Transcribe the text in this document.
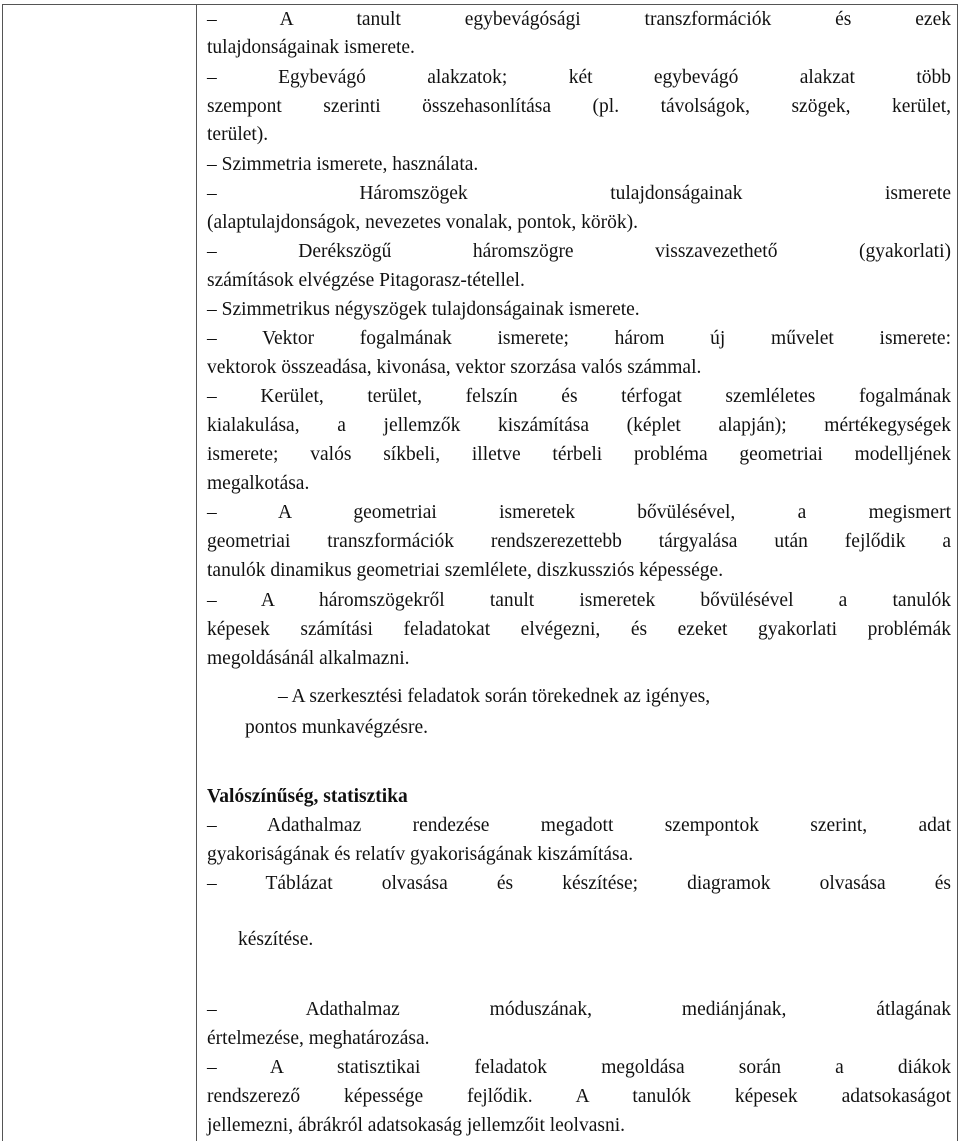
– A tanult egybevágósági transzformációk és ezek
tulajdonságainak ismerete.
– Egybevágó alakzatok; két egybevágó alakzat több
szempont szerinti összehasonlítása (pl. távolságok, szögek, kerület,
terület).
– Szimmetria ismerete, használata.
– Háromszögek tulajdonságainak ismerete
(alaptulajdonságok, nevezetes vonalak, pontok, körök).
– Derékszögű háromszögre visszavezethető (gyakorlati)
számítások elvégzése Pitagorasz-tétellel.
– Szimmetrikus négyszögek tulajdonságainak ismerete.
– Vektor fogalmának ismerete; három új művelet ismerete:
vektorok összeadása, kivonása, vektor szorzása valós számmal.
– Kerület, terület, felszín és térfogat szemléletes fogalmának
kialakulása, a jellemzők kiszámítása (képlet alapján); mértékegységek
ismerete; valós síkbeli, illetve térbeli probléma geometriai modelljének
megalkotása.
– A geometriai ismeretek bővülésével, a megismert
geometriai transzformációk rendszerezettebb tárgyalása után fejlődik a
tanulók dinamikus geometriai szemlélete, diszkussziós képessége.
– A háromszögekről tanult ismeretek bővülésével a tanulók
képesek számítási feladatokat elvégezni, és ezeket gyakorlati problémák
megoldásánál alkalmazni.
– A szerkesztési feladatok során törekednek az igényes,
pontos munkavégzésre.
Valószínűség, statisztika
– Adathalmaz rendezése megadott szempontok szerint, adat
gyakoriságának és relatív gyakoriságának kiszámítása.
– Táblázat olvasása és készítése; diagramok olvasása és
készítése.
– Adathalmaz móduszának, mediánjának, átlagának
értelmezése, meghatározása.
– A statisztikai feladatok megoldása során a diákok
rendszerező képessége fejlődik. A tanulók képesek adatsokaságot
jellemezni, ábrákról adatsokaság jellemzőit leolvasni.
